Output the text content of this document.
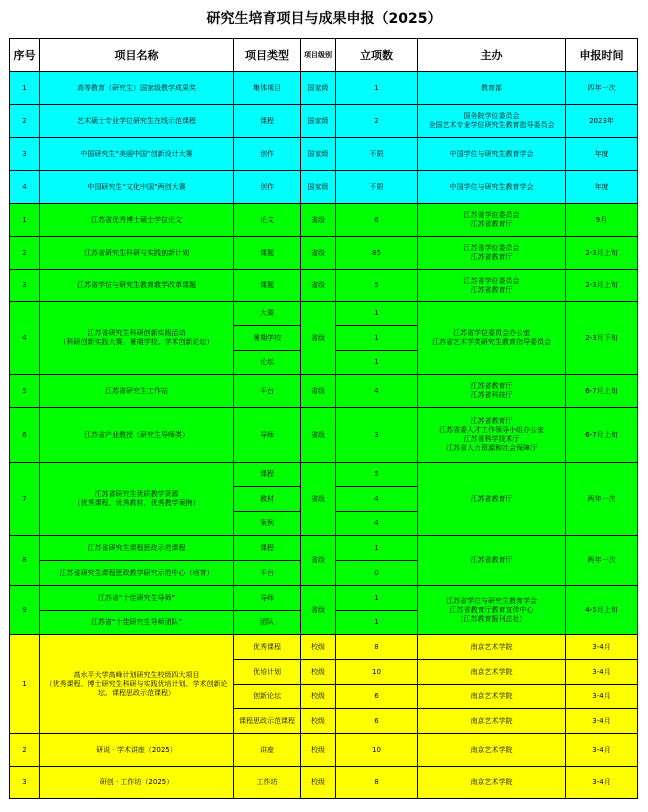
研究生培育项目与成果申报（2025）
序号	项目名称	项目类型	项目级别	立项数	主办	申报时间
1	高等教育（研究生）国家级教学成果奖	集体项目	国家级	1	教育部	四年一次
2	艺术硕士专业学位研究生在线示范课程	课程	国家级	2	国务院学位委员会
全国艺术专业学位研究生教育指导委员会	2023年
3	中国研究生“美丽中国”创新设计大赛	创作	国家级	不限	中国学位与研究生教育学会	年度
4	中国研究生“文化中国”两创大赛	创作	国家级	不限	中国学位与研究生教育学会	年度
1	江苏省优秀博士硕士学位论文	论文	省级	6	江苏省学位委员会
江苏省教育厅	9月
2	江苏省研究生科研与实践创新计划	课题	省级	85	江苏省学位委员会
江苏省教育厅	2-3月上旬
3	江苏省学位与研究生教育教学改革课题	课题	省级	5	江苏省学位委员会
江苏省教育厅	2-3月上旬
4	江苏省研究生科研创新实践活动
（科研创新实践大赛、暑期学校、学术创新论坛）	大赛	省级	1	江苏省学位委员会办公室
江苏省艺术学类研究生教育指导委员会	2-3月下旬
		暑期学校		1		
		论坛		1		
5	江苏省研究生工作站	平台	省级	4	江苏省教育厅
江苏省科技厅	6-7月上旬
6	江苏省产业教授（研究生导师类）	导师	省级	3	江苏省教育厅
江苏省委人才工作领导小组办公室
江苏省科学技术厅
江苏省人力资源和社会保障厅	6-7月上旬
7	江苏省研究生优质教学资源
（优秀课程、优秀教材、优秀教学案例）	课程	省级	5	江苏省教育厅	两年一次
		教材		4		
		案例		4		
8	江苏省研究生课程思政示范课程	课程	省级	1	江苏省教育厅	两年一次
	江苏省研究生课程思政教学研究示范中心（培育）	平台		0		
9	江苏省“十佳研究生导师”	导师	省级	1	江苏省学位与研究生教育学会
江苏省教育厅教育宣传中心
（江苏教育报刊总社）	4-5月上旬
	江苏省“十佳研究生导师团队”	团队		1		
1	高水平大学高峰计划研究生校级四大项目
（优秀课程、博士研究生科研与实践优培计划、学术创新论坛、课程思政示范课程）	优秀课程	校级	8	南京艺术学院	3-4月
		优培计划	校级	10	南京艺术学院	3-4月
		创新论坛	校级	6	南京艺术学院	3-4月
		课程思政示范课程	校级	6	南京艺术学院	3-4月
2	研说 · 学术讲座（2025）	讲座	校级	10	南京艺术学院	3-4月
3	研创 · 工作坊（2025）	工作坊	校级	8	南京艺术学院	3-4月
